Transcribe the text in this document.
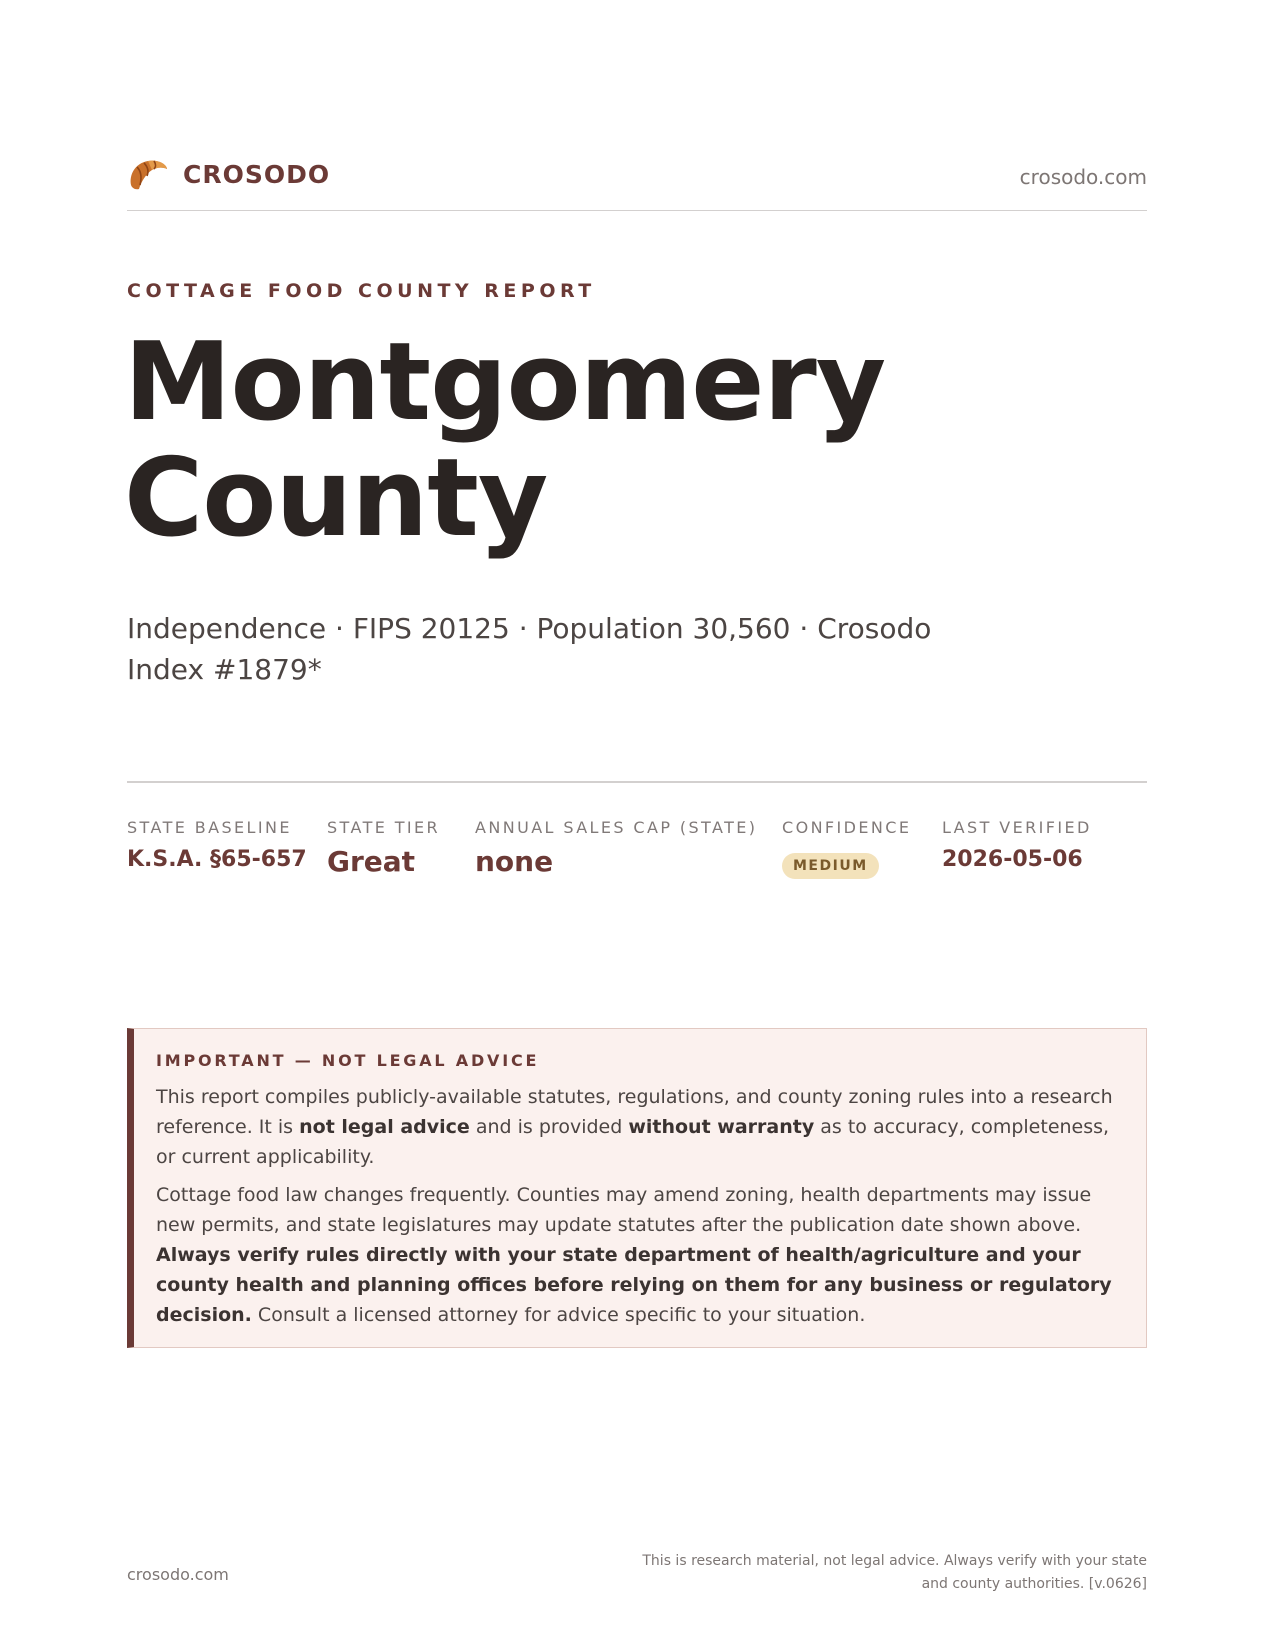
CROSODO	crosodo.com
COTTAGE FOOD COUNTY REPORT
Montgomery
County
Independence · FIPS 20125 · Population 30,560 · Crosodo Index #1879*
STATE BASELINE
K.S.A. §65-657
STATE TIER
Great
ANNUAL SALES CAP (STATE)
none
CONFIDENCE
MEDIUM
LAST VERIFIED
2026-05-06
IMPORTANT — NOT LEGAL ADVICE

This report compiles publicly-available statutes, regulations, and county zoning rules into a research reference. It is not legal advice and is provided without warranty as to accuracy, completeness, or current applicability.

Cottage food law changes frequently. Counties may amend zoning, health departments may issue new permits, and state legislatures may update statutes after the publication date shown above. Always verify rules directly with your state department of health/agriculture and your county health and planning offices before relying on them for any business or regulatory decision. Consult a licensed attorney for advice specific to your situation.

crosodo.com
This is research material, not legal advice. Always verify with your state
and county authorities. [v.0626]
